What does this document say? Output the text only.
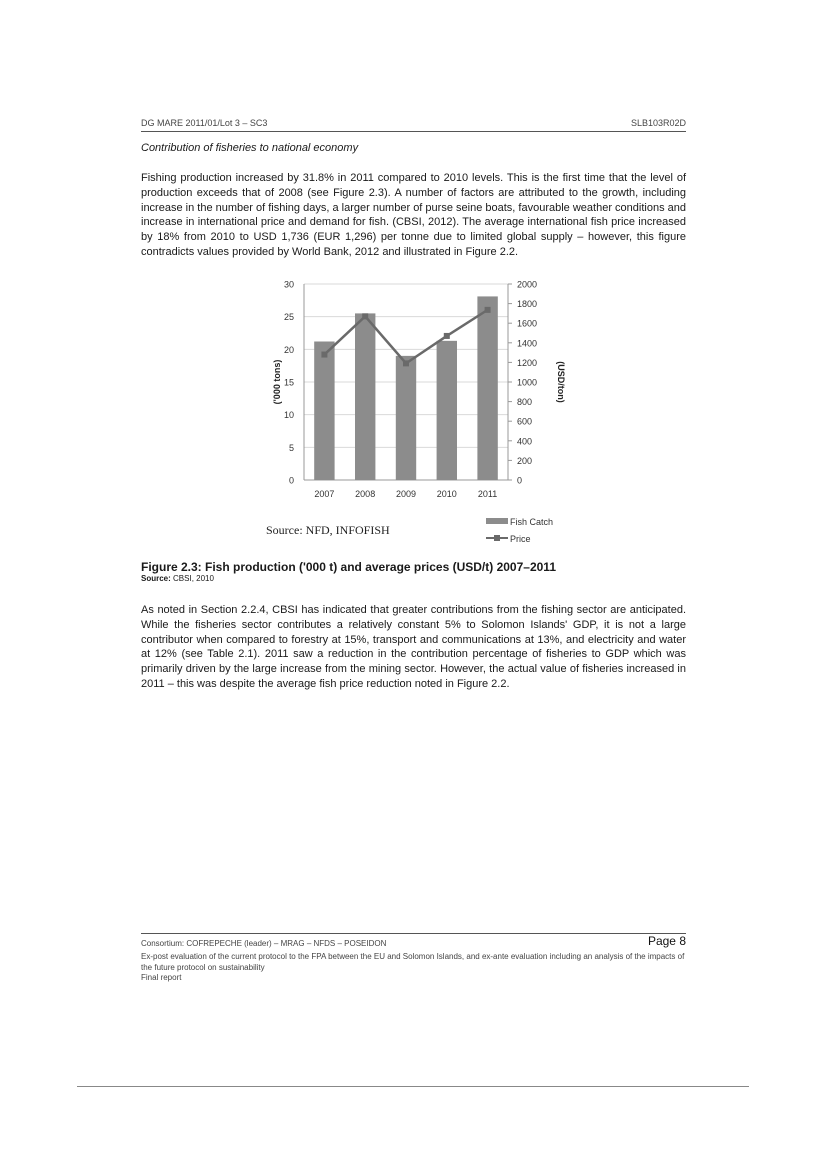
DG MARE 2011/01/Lot 3 – SC3	SLB103R02D
Contribution of fisheries to national economy

Fishing production increased by 31.8% in 2011 compared to 2010 levels. This is the first time that the level of production exceeds that of 2008 (see Figure 2.3). A number of factors are attributed to the growth, including increase in the number of fishing days, a larger number of purse seine boats, favourable weather conditions and increase in international price and demand for fish. (CBSI, 2012). The average international fish price increased by 18% from 2010 to USD 1,736 (EUR 1,296) per tonne due to limited global supply – however, this figure contradicts values provided by World Bank, 2012 and illustrated in Figure 2.2.

0
5
10
15
20
25
30
0
200
400
600
800
1000
1200
1400
1600
1800
2000
2007 2008 2009 2010 2011
('000 tons)	(USD/ton)
Source: NFD, INFOFISH
Fish Catch
Price
Figure 2.3: Fish production ('000 t) and average prices (USD/t) 2007–2011
Source: CBSI, 2010

As noted in Section 2.2.4, CBSI has indicated that greater contributions from the fishing sector are anticipated. While the fisheries sector contributes a relatively constant 5% to Solomon Islands' GDP, it is not a large contributor when compared to forestry at 15%, transport and communications at 13%, and electricity and water at 12% (see Table 2.1). 2011 saw a reduction in the contribution percentage of fisheries to GDP which was primarily driven by the large increase from the mining sector. However, the actual value of fisheries increased in 2011 – this was despite the average fish price reduction noted in Figure 2.2.

Consortium: COFREPECHE (leader) – MRAG – NFDS – POSEIDON	Page 8
Ex-post evaluation of the current protocol to the FPA between the EU and Solomon Islands, and ex-ante evaluation including an analysis of the impacts of the future protocol on sustainability
Final report
